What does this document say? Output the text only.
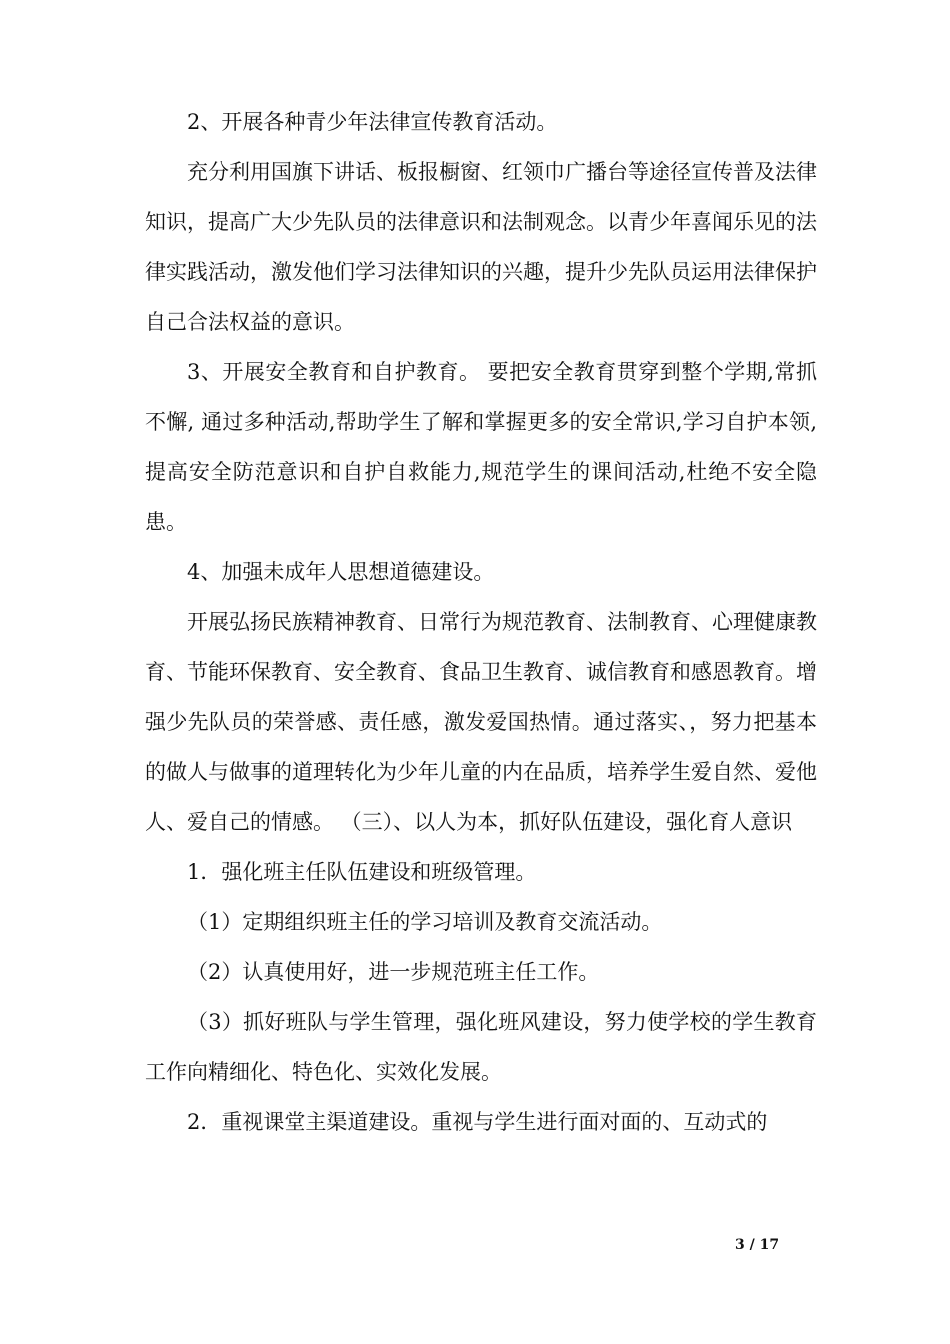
2、开展各种青少年法律宣传教育活动。

充分利用国旗下讲话、板报橱窗、红领巾广播台等途径宣传普及法律知识，提高广大少先队员的法律意识和法制观念。以青少年喜闻乐见的法律实践活动，激发他们学习法律知识的兴趣，提升少先队员运用法律保护自己合法权益的意识。

3、开展安全教育和自护教育。 要把安全教育贯穿到整个学期,常抓不懈, 通过多种活动,帮助学生了解和掌握更多的安全常识,学习自护本领,提高安全防范意识和自护自救能力,规范学生的课间活动,杜绝不安全隐患。

4、加强未成年人思想道德建设。

开展弘扬民族精神教育、日常行为规范教育、法制教育、心理健康教育、节能环保教育、安全教育、食品卫生教育、诚信教育和感恩教育。增强少先队员的荣誉感、责任感，激发爱国热情。通过落实、，努力把基本的做人与做事的道理转化为少年儿童的内在品质，培养学生爱自然、爱他人、爱自己的情感。 （三）、以人为本，抓好队伍建设，强化育人意识

1．强化班主任队伍建设和班级管理。

（1）定期组织班主任的学习培训及教育交流活动。

（2）认真使用好，进一步规范班主任工作。

（3）抓好班队与学生管理，强化班风建设，努力使学校的学生教育工作向精细化、特色化、实效化发展。

2．重视课堂主渠道建设。重视与学生进行面对面的、互动式的

3 / 17
